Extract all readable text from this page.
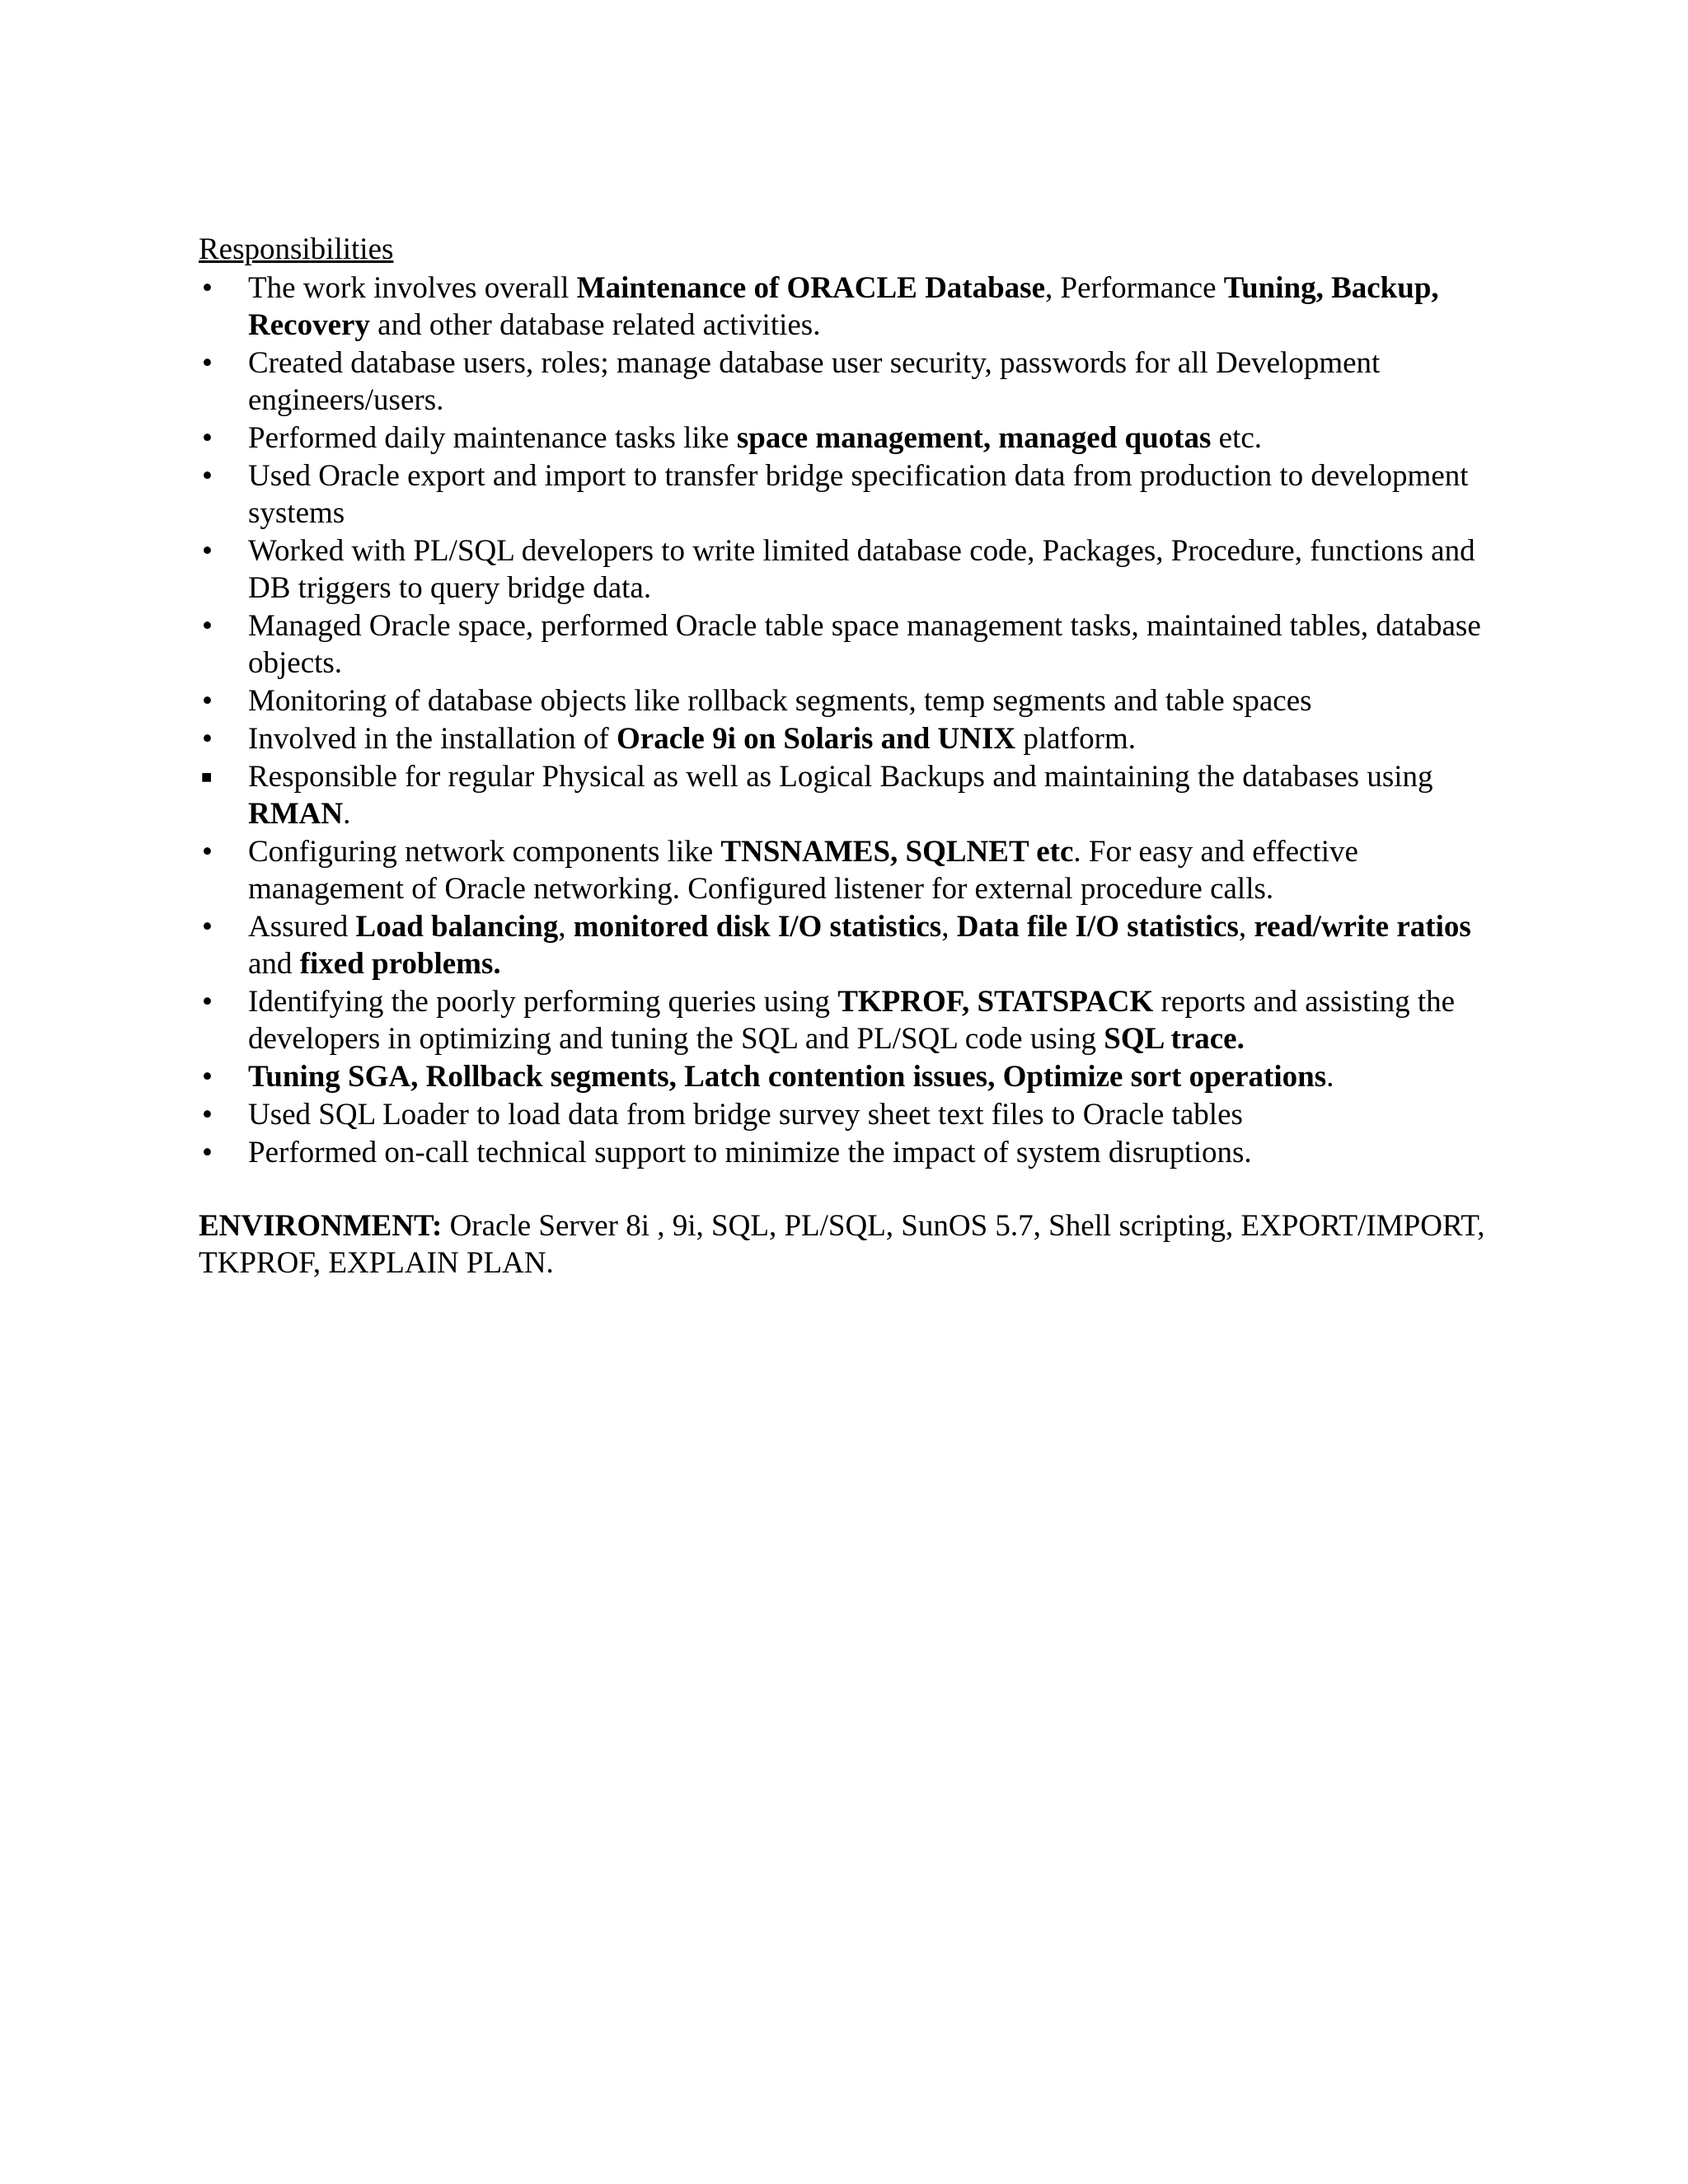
Responsibilities
•	The work involves overall Maintenance of ORACLE Database, Performance Tuning, Backup, Recovery and other database related activities.
•	Created database users, roles; manage database user security, passwords for all Development engineers/users.
•	Performed daily maintenance tasks like space management, managed quotas etc.
•	Used Oracle export and import to transfer bridge specification data from production to development systems
•	Worked with PL/SQL developers to write limited database code, Packages, Procedure, functions and DB triggers to query bridge data.
•	Managed Oracle space, performed Oracle table space management tasks, maintained tables, database objects.
•	Monitoring of database objects like rollback segments, temp segments and table spaces
•	Involved in the installation of Oracle 9i on Solaris and UNIX platform.
■	Responsible for regular Physical as well as Logical Backups and maintaining the databases using RMAN.
•	Configuring network components like TNSNAMES, SQLNET etc. For easy and effective management of Oracle networking. Configured listener for external procedure calls.
•	Assured Load balancing, monitored disk I/O statistics, Data file I/O statistics, read/write ratios and fixed problems.
•	Identifying the poorly performing queries using TKPROF, STATSPACK reports and assisting the developers in optimizing and tuning the SQL and PL/SQL code using SQL trace.
•	Tuning SGA, Rollback segments, Latch contention issues, Optimize sort operations.
•	Used SQL Loader to load data from bridge survey sheet text files to Oracle tables
•	Performed on-call technical support to minimize the impact of system disruptions.
ENVIRONMENT: Oracle Server 8i , 9i, SQL, PL/SQL, SunOS 5.7, Shell scripting, EXPORT/IMPORT, TKPROF, EXPLAIN PLAN.
